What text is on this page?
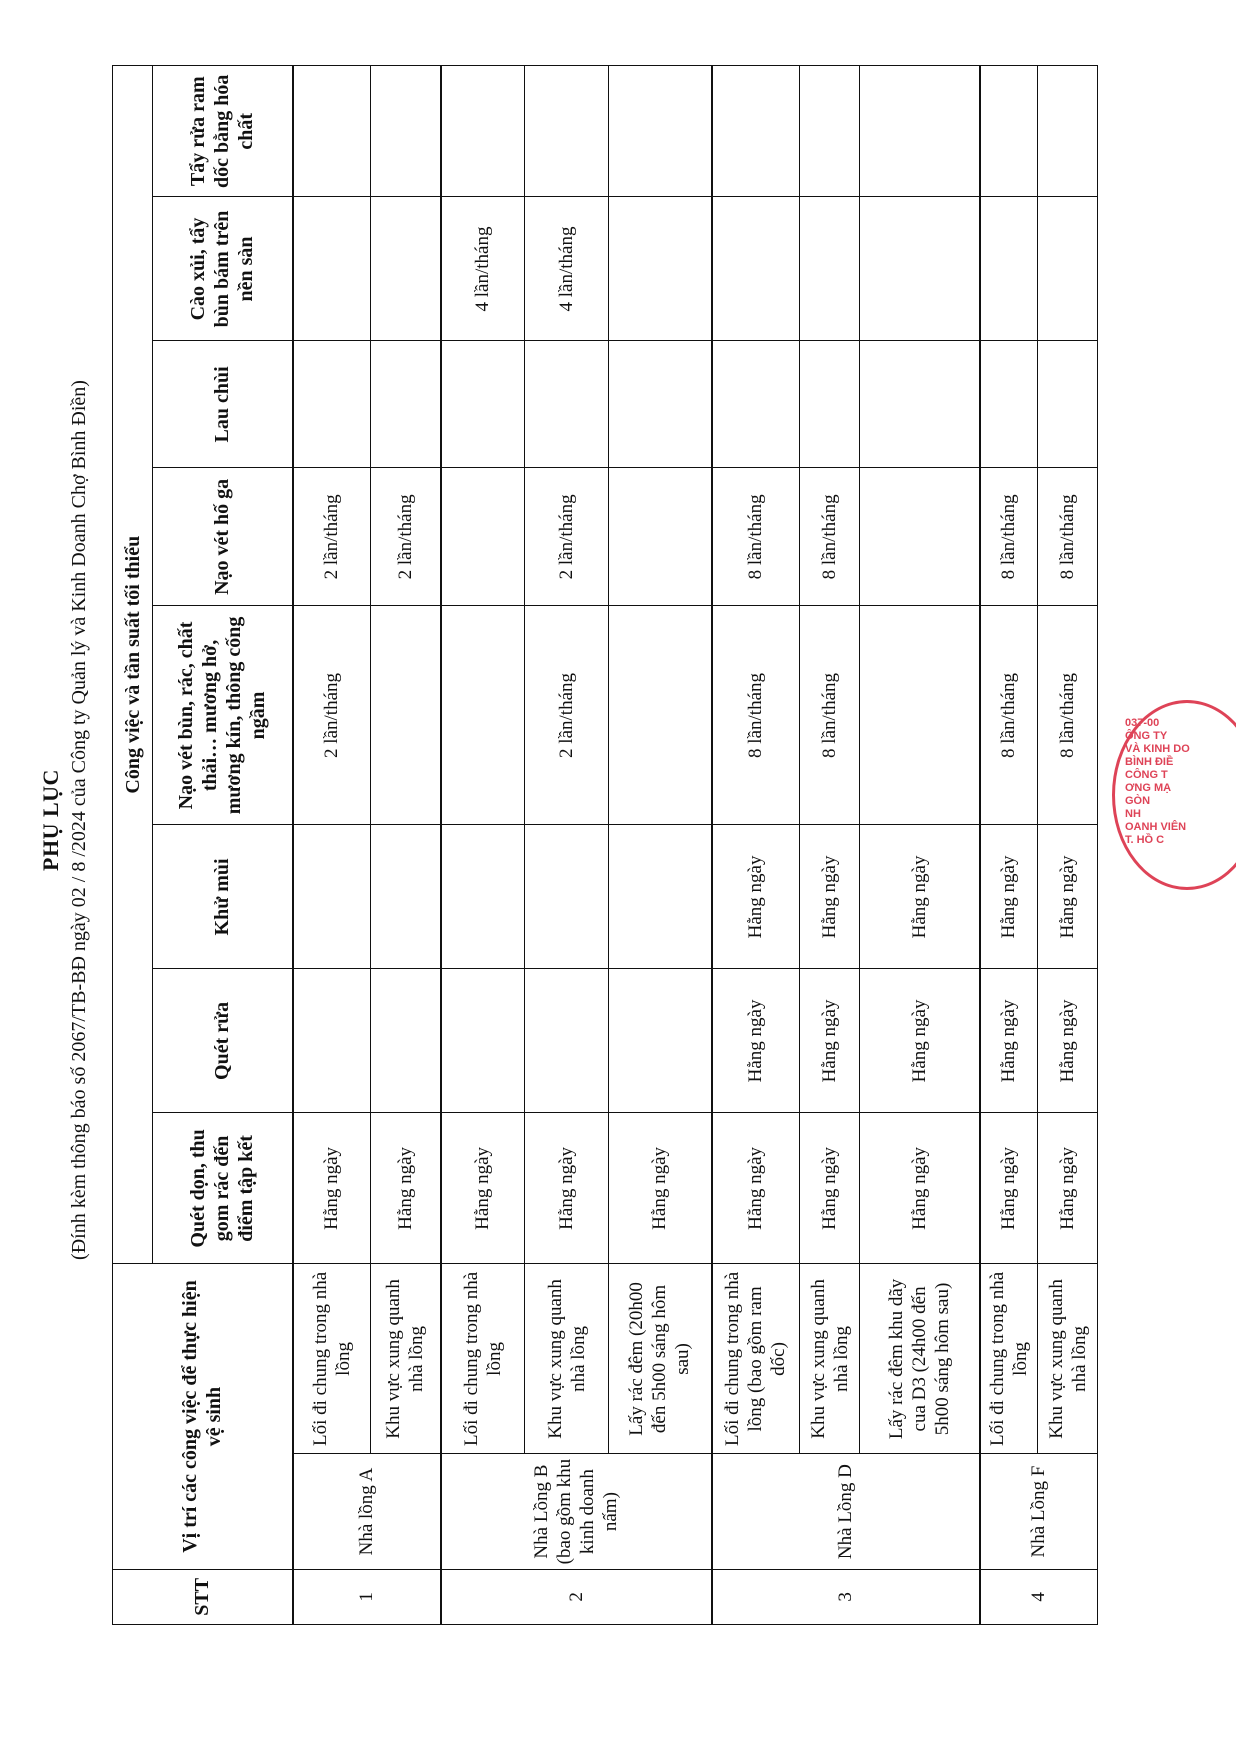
PHỤ LỤC (Đính kèm thông báo số 2067/TB-BĐ ngày 02 / 8 /2024 của Công ty Quản lý và Kinh Doanh Chợ Bình Điền)
STT	Vị trí các công việc để thực hiện vệ sinh		Công việc và tần suất tối thiểu							
			Quét dọn, thu gom rác đến điểm tập kết	Quét rửa	Khử mùi	Nạo vét bùn, rác, chất thải… mương hở, mương kín, thông cống ngầm	Nạo vét hố ga	Lau chùi	Cào xủi, tẩy bùn bám trên nền sàn	Tẩy rửa ram dốc bằng hóa chất
1	Nhà lồng A	Lối đi chung trong nhà lồng	Hằng ngày			2 lần/tháng	2 lần/tháng			
		Khu vực xung quanh nhà lồng	Hằng ngày				2 lần/tháng			
2	Nhà Lồng B (bao gồm khu kinh doanh nấm)	Lối đi chung trong nhà lồng	Hằng ngày						4 lần/tháng	
		Khu vực xung quanh nhà lồng	Hằng ngày			2 lần/tháng	2 lần/tháng		4 lần/tháng	
		Lấy rác đêm (20h00 đến 5h00 sáng hôm sau)	Hằng ngày							
3	Nhà Lồng D	Lối đi chung trong nhà lồng (bao gồm ram dốc)	Hằng ngày	Hằng ngày	Hằng ngày	8 lần/tháng	8 lần/tháng			
		Khu vực xung quanh nhà lồng	Hằng ngày	Hằng ngày	Hằng ngày	8 lần/tháng	8 lần/tháng			
		Lấy rác đêm khu dãy cua D3 (24h00 đến 5h00 sáng hôm sau)	Hằng ngày	Hằng ngày	Hằng ngày					
4	Nhà Lồng F	Lối đi chung trong nhà lồng	Hằng ngày	Hằng ngày	Hằng ngày	8 lần/tháng	8 lần/tháng			
		Khu vực xung quanh nhà lồng	Hằng ngày	Hằng ngày	Hằng ngày	8 lần/tháng	8 lần/tháng			
037-00
ÔNG TY
VÀ KINH DO
BÌNH ĐIỀ
CÔNG T
ƠNG MẠ
GÒN
NH
OANH VIÊN
T. HỒ C
